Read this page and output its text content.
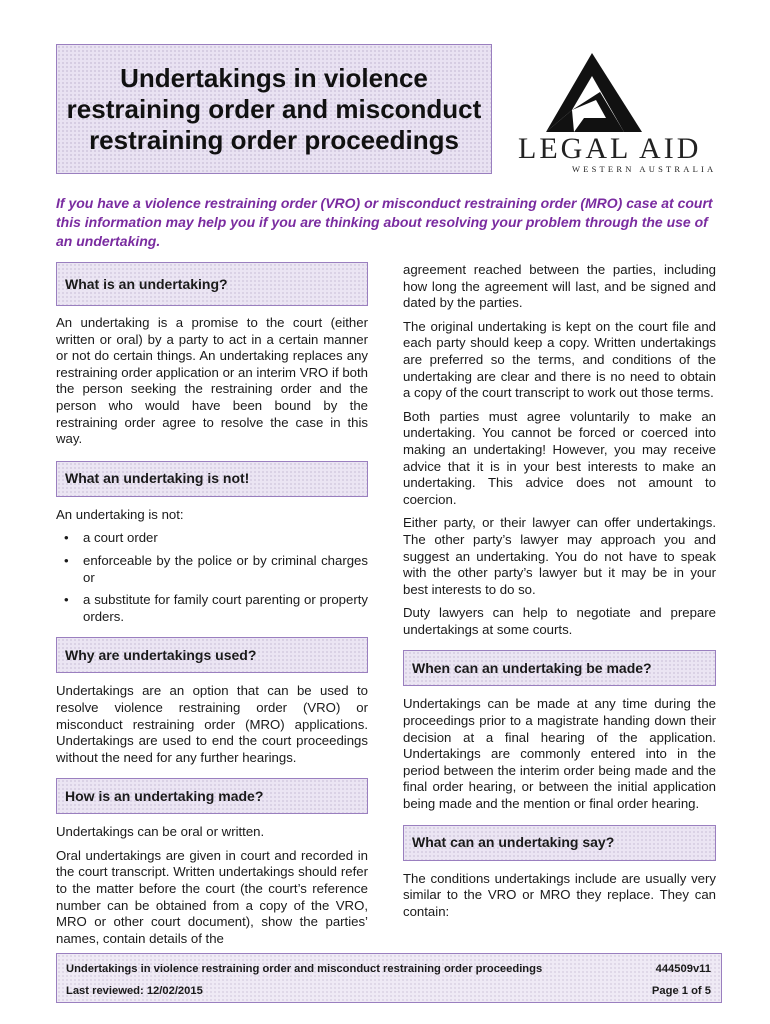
Undertakings in violence restraining order and misconduct restraining order proceedings	LEGAL AID
WESTERN AUSTRALIA

If you have a violence restraining order (VRO) or misconduct restraining order (MRO) case at court this information may help you if you are thinking about resolving your problem through the use of an undertaking.

What is an undertaking?

An undertaking is a promise to the court (either written or oral) by a party to act in a certain manner or not do certain things. An undertaking replaces any restraining order application or an interim VRO if both the person seeking the restraining order and the person who would have been bound by the restraining order agree to resolve the case in this way.

What an undertaking is not!

An undertaking is not:

• a court order
• enforceable by the police or by criminal charges or
• a substitute for family court parenting or property orders.
Why are undertakings used?

Undertakings are an option that can be used to resolve violence restraining order (VRO) or misconduct restraining order (MRO) applications. Undertakings are used to end the court proceedings without the need for any further hearings.

How is an undertaking made?

Undertakings can be oral or written.

Oral undertakings are given in court and recorded in the court transcript. Written undertakings should refer to the matter before the court (the court’s reference number can be obtained from a copy of the VRO, MRO or other court document), show the parties’ names, contain details of the

agreement reached between the parties, including how long the agreement will last, and be signed and dated by the parties.

The original undertaking is kept on the court file and each party should keep a copy. Written undertakings are preferred so the terms, and conditions of the undertaking are clear and there is no need to obtain a copy of the court transcript to work out those terms.

Both parties must agree voluntarily to make an undertaking. You cannot be forced or coerced into making an undertaking! However, you may receive advice that it is in your best interests to make an undertaking. This advice does not amount to coercion.

Either party, or their lawyer can offer undertakings. The other party’s lawyer may approach you and suggest an undertaking. You do not have to speak with the other party’s lawyer but it may be in your best interests to do so.

Duty lawyers can help to negotiate and prepare undertakings at some courts.

When can an undertaking be made?

Undertakings can be made at any time during the proceedings prior to a magistrate handing down their decision at a final hearing of the application. Undertakings are commonly entered into in the period between the interim order being made and the final order hearing, or between the initial application being made and the mention or final order hearing.

What can an undertaking say?

The conditions undertakings include are usually very similar to the VRO or MRO they replace. They can contain:

Undertakings in violence restraining order and misconduct restraining order proceedings	444509v11
Last reviewed: 12/02/2015	Page 1 of 5
